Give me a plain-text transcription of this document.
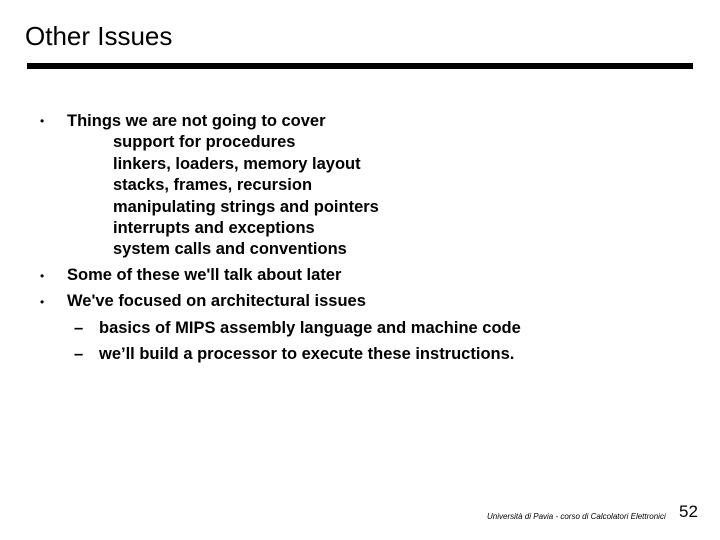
Other Issues
• Things we are not going to cover
support for procedures
linkers, loaders, memory layout
stacks, frames, recursion
manipulating strings and pointers
interrupts and exceptions
system calls and conventions
• Some of these we'll talk about later
• We've focused on architectural issues
– basics of MIPS assembly language and machine code
– we’ll build a processor to execute these instructions.
Università di Pavia - corso di Calcolatori Elettronici 52
